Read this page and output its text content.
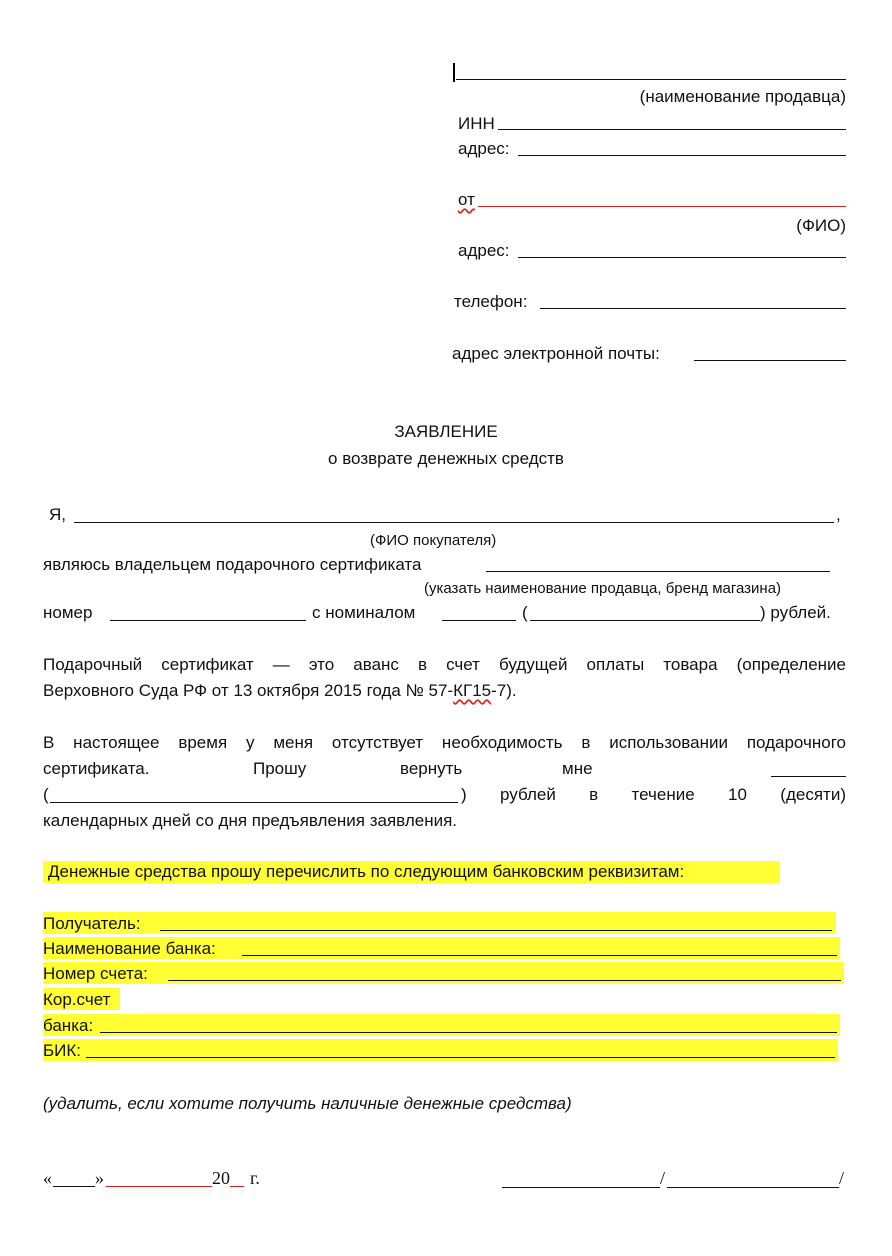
(наименование продавца)
ИНН
адрес:
от
(ФИО)
адрес:
телефон:
адрес электронной почты:
ЗАЯВЛЕНИЕ
о возврате денежных средств
Я,	,
(ФИО покупателя)
являюсь владельцем подарочного сертификата
(указать наименование продавца, бренд магазина)
номер	с номиналом	(	) рублей.
Подарочный сертификат — это аванс в счет будущей оплаты товара (определение
Верховного Суда РФ от 13 октября 2015 года № 57-КГ15-7).
В настоящее время у меня отсутствует необходимость в использовании подарочного
сертификата.	Прошу	вернуть	мне
(	) рублей в течение 10 (десяти)
календарных дней со дня предъявления заявления.
Денежные средства прошу перечислить по следующим банковским реквизитам:
Получатель:
Наименование банка:
Номер счета:
Кор.счет
банка:
БИК:
(удалить, если хотите получить наличные денежные средства)
« »	20 г.	/	/
